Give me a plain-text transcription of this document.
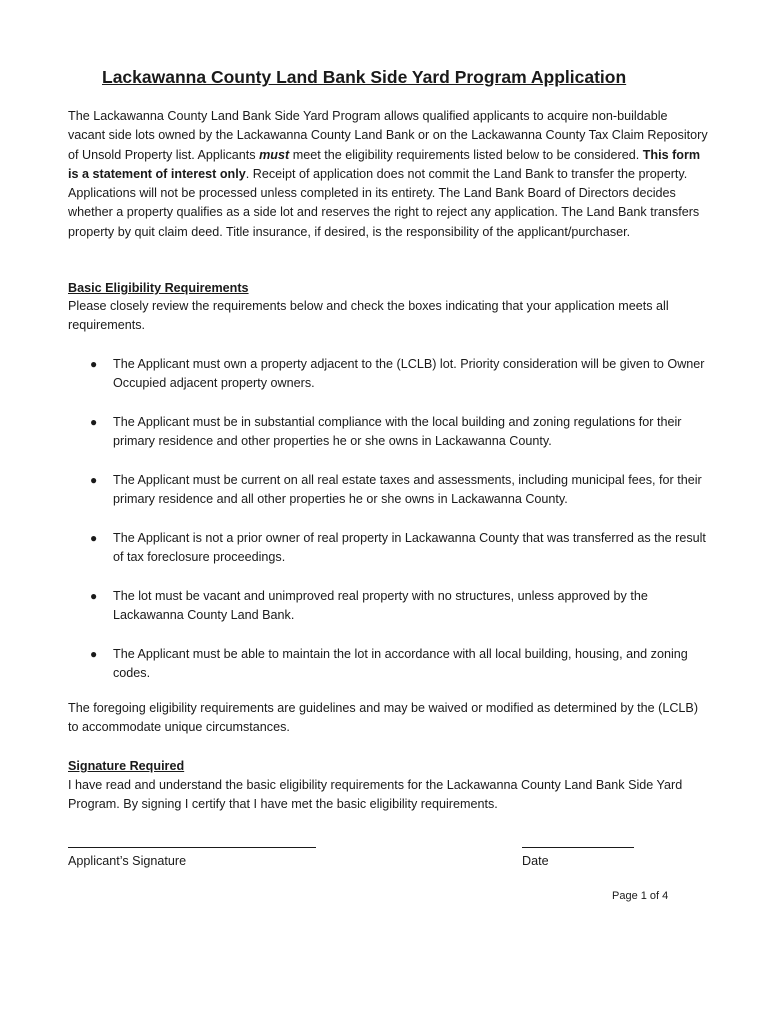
Lackawanna County Land Bank Side Yard Program Application
The Lackawanna County Land Bank Side Yard Program allows qualified applicants to acquire non-buildable vacant side lots owned by the Lackawanna County Land Bank or on the Lackawanna County Tax Claim Repository of Unsold Property list. Applicants must meet the eligibility requirements listed below to be considered. This form is a statement of interest only. Receipt of application does not commit the Land Bank to transfer the property. Applications will not be processed unless completed in its entirety. The Land Bank Board of Directors decides whether a property qualifies as a side lot and reserves the right to reject any application. The Land Bank transfers property by quit claim deed. Title insurance, if desired, is the responsibility of the applicant/purchaser.
Basic Eligibility Requirements
Please closely review the requirements below and check the boxes indicating that your application meets all requirements.
● The Applicant must own a property adjacent to the (LCLB) lot. Priority consideration will be given to Owner Occupied adjacent property owners.
● The Applicant must be in substantial compliance with the local building and zoning regulations for their primary residence and other properties he or she owns in Lackawanna County.
● The Applicant must be current on all real estate taxes and assessments, including municipal fees, for their primary residence and all other properties he or she owns in Lackawanna County.
● The Applicant is not a prior owner of real property in Lackawanna County that was transferred as the result of tax foreclosure proceedings.
● The lot must be vacant and unimproved real property with no structures, unless approved by the Lackawanna County Land Bank.
● The Applicant must be able to maintain the lot in accordance with all local building, housing, and zoning codes.
The foregoing eligibility requirements are guidelines and may be waived or modified as determined by the (LCLB) to accommodate unique circumstances.
Signature Required
I have read and understand the basic eligibility requirements for the Lackawanna County Land Bank Side Yard Program. By signing I certify that I have met the basic eligibility requirements.
Applicant’s Signature	Date
Page 1 of 4
